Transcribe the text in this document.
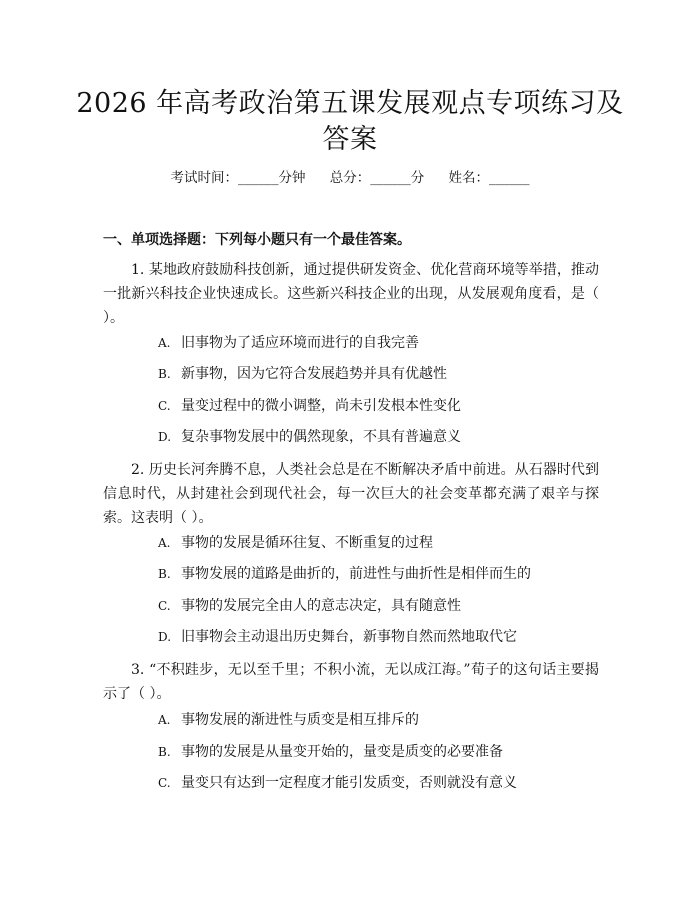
2026 年高考政治第五课发展观点专项练习及
答案
考试时间：______分钟 总分：______分 姓名：______
一、单项选择题：下列每小题只有一个最佳答案。
1. 某地政府鼓励科技创新，通过提供研发资金、优化营商环境等举措，推动一批新兴科技企业快速成长。这些新兴科技企业的出现，从发展观角度看，是（ ）。
A. 旧事物为了适应环境而进行的自我完善
B. 新事物，因为它符合发展趋势并具有优越性
C. 量变过程中的微小调整，尚未引发根本性变化
D. 复杂事物发展中的偶然现象，不具有普遍意义
2. 历史长河奔腾不息，人类社会总是在不断解决矛盾中前进。从石器时代到信息时代，从封建社会到现代社会，每一次巨大的社会变革都充满了艰辛与探索。这表明（ ）。
A. 事物的发展是循环往复、不断重复的过程
B. 事物发展的道路是曲折的，前进性与曲折性是相伴而生的
C. 事物的发展完全由人的意志决定，具有随意性
D. 旧事物会主动退出历史舞台，新事物自然而然地取代它
3. “不积跬步，无以至千里；不积小流，无以成江海。”荀子的这句话主要揭示了（ ）。
A. 事物发展的渐进性与质变是相互排斥的
B. 事物的发展是从量变开始的，量变是质变的必要准备
C. 量变只有达到一定程度才能引发质变，否则就没有意义
